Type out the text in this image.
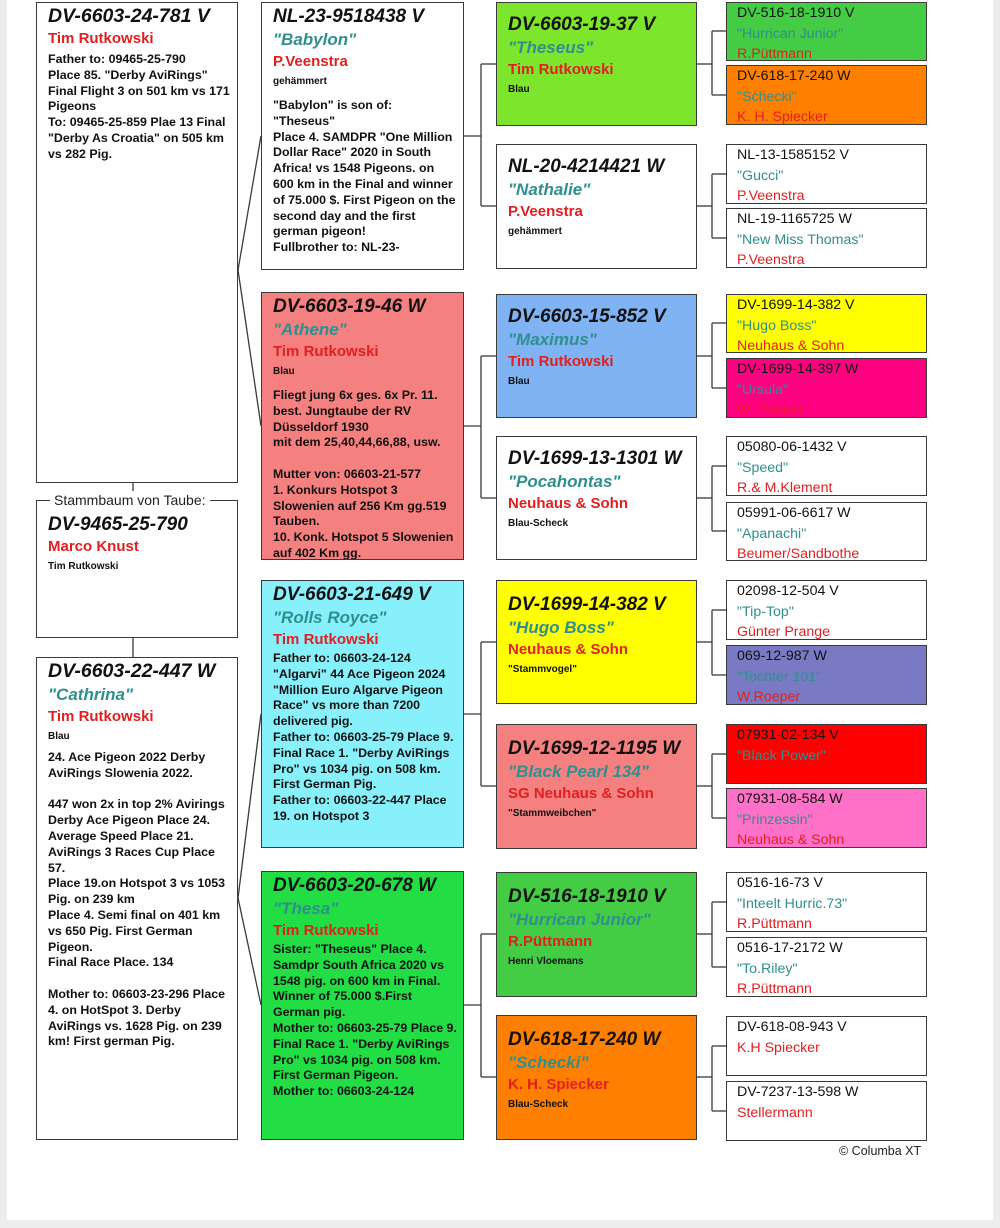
DV-6603-24-781 V
Tim Rutkowski
Father to: 09465-25-790
Place 85. "Derby AviRings" Final Flight 3 on 501 km vs 171 Pigeons
To: 09465-25-859 Plae 13 Final "Derby As Croatia" on 505 km vs 282 Pig.
DV-9465-25-790
Marco Knust
Tim Rutkowski
Stammbaum von Taube:
DV-6603-22-447 W
"Cathrina"
Tim Rutkowski
Blau
24. Ace Pigeon 2022 Derby AviRings Slowenia 2022.

447 won 2x in top 2% Avirings Derby Ace Pigeon Place 24.
Average Speed Place 21.
AviRings 3 Races Cup Place 57.
Place 19.on Hotspot 3 vs 1053 Pig. on 239 km
Place 4. Semi final on 401 km vs 650 Pig. First German Pigeon.
Final Race Place. 134

Mother to: 06603-23-296 Place 4. on HotSpot 3. Derby AviRings vs. 1628 Pig. on 239 km! First german Pig.
NL-23-9518438 V
"Babylon"
P.Veenstra
gehämmert
"Babylon" is son of: "Theseus"
Place 4. SAMDPR "One Million Dollar Race" 2020 in South Africa! vs 1548 Pigeons. on 600 km in the Final and winner of 75.000 $. First Pigeon on the second day and the first german pigeon!
Fullbrother to: NL-23-
DV-6603-19-46 W
"Athene"
Tim Rutkowski
Blau
Fliegt jung 6x ges. 6x Pr. 11. best. Jungtaube der RV Düsseldorf 1930
mit dem 25,40,44,66,88, usw.

Mutter von: 06603-21-577
1. Konkurs Hotspot 3 Slowenien auf 256 Km gg.519 Tauben.
10. Konk. Hotspot 5 Slowenien auf 402 Km gg.
DV-6603-21-649 V
"Rolls Royce"
Tim Rutkowski
Father to: 06603-24-124 "Algarvi" 44 Ace Pigeon 2024 "Million Euro Algarve Pigeon Race" vs more than 7200 delivered pig.
Father to: 06603-25-79 Place 9. Final Race 1. "Derby AviRings Pro" vs 1034 pig. on 508 km. First German Pig.
Father to: 06603-22-447 Place 19. on Hotspot 3
DV-6603-20-678 W
"Thesa"
Tim Rutkowski
Sister: "Theseus" Place 4. Samdpr South Africa 2020 vs 1548 pig. on 600 km in Final.
Winner of 75.000 $.First German pig.
Mother to: 06603-25-79 Place 9. Final Race 1. "Derby AviRings Pro" vs 1034 pig. on 508 km. First German Pigeon.
Mother to: 06603-24-124
DV-6603-19-37 V
"Theseus"
Tim Rutkowski
Blau
NL-20-4214421 W
"Nathalie"
P.Veenstra
gehämmert
DV-6603-15-852 V
"Maximus"
Tim Rutkowski
Blau
DV-1699-13-1301 W
"Pocahontas"
Neuhaus & Sohn
Blau-Scheck
DV-1699-14-382 V
"Hugo Boss"
Neuhaus & Sohn
"Stammvogel"
DV-1699-12-1195 W
"Black Pearl 134"
SG Neuhaus & Sohn
"Stammweibchen"
DV-516-18-1910 V
"Hurrican Junior"
R.Püttmann
Henri Vloemans
DV-618-17-240 W
"Schecki"
K. H. Spiecker
Blau-Scheck
DV-516-18-1910 V
"Hurrican Junior"
R.Püttmann
DV-618-17-240 W
"Schecki"
K. H. Spiecker
NL-13-1585152 V
"Gucci"
P.Veenstra
NL-19-1165725 W
"New Miss Thomas"
P.Veenstra
DV-1699-14-382 V
"Hugo Boss"
Neuhaus & Sohn
DV-1699-14-397 W
"Ursula"
W. Roeper
05080-06-1432 V
"Speed"
R.& M.Klement
05991-06-6617 W
"Apanachi"
Beumer/Sandbothe
02098-12-504 V
"Tip-Top"
Günter Prange
069-12-987 W
"Tochter 101"
W.Roeper
07931-02-134 V
"Black Power"
07931-08-584 W
"Prinzessin"
Neuhaus & Sohn
0516-16-73 V
"Inteelt Hurric.73"
R.Püttmann
0516-17-2172 W
"To.Riley"
R.Püttmann
DV-618-08-943 V
K.H Spiecker
DV-7237-13-598 W
Stellermann
© Columba XT
